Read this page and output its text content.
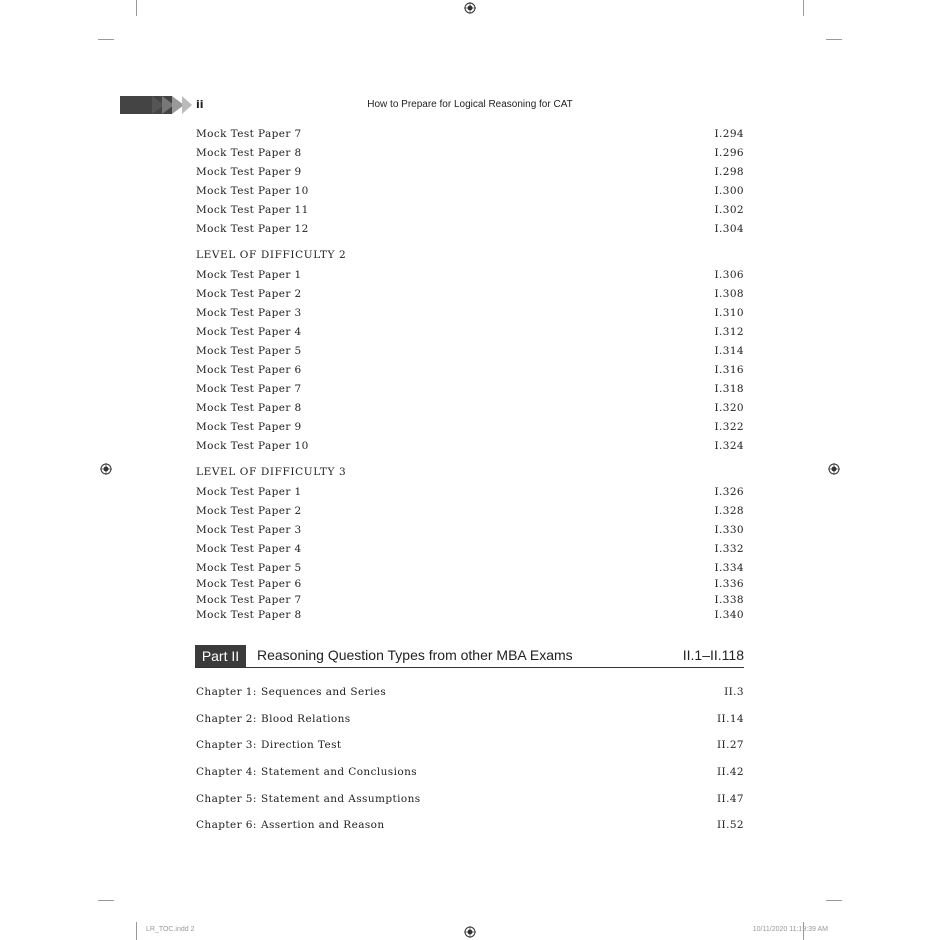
ii	How to Prepare for Logical Reasoning for CAT
Mock Test Paper 7	I.294
Mock Test Paper 8	I.296
Mock Test Paper 9	I.298
Mock Test Paper 10	I.300
Mock Test Paper 11	I.302
Mock Test Paper 12	I.304
LEVEL OF DIFFICULTY 2
Mock Test Paper 1	I.306
Mock Test Paper 2	I.308
Mock Test Paper 3	I.310
Mock Test Paper 4	I.312
Mock Test Paper 5	I.314
Mock Test Paper 6	I.316
Mock Test Paper 7	I.318
Mock Test Paper 8	I.320
Mock Test Paper 9	I.322
Mock Test Paper 10	I.324
LEVEL OF DIFFICULTY 3
Mock Test Paper 1	I.326
Mock Test Paper 2	I.328
Mock Test Paper 3	I.330
Mock Test Paper 4	I.332
Mock Test Paper 5	I.334
Mock Test Paper 6	I.336
Mock Test Paper 7	I.338
Mock Test Paper 8	I.340
Part II	Reasoning Question Types from other MBA Exams	II.1–II.118
Chapter 1: Sequences and Series	II.3
Chapter 2: Blood Relations	II.14
Chapter 3: Direction Test	II.27
Chapter 4: Statement and Conclusions	II.42
Chapter 5: Statement and Assumptions	II.47
Chapter 6: Assertion and Reason	II.52
LR_TOC.indd 2	10/11/2020 11:19:39 AM
